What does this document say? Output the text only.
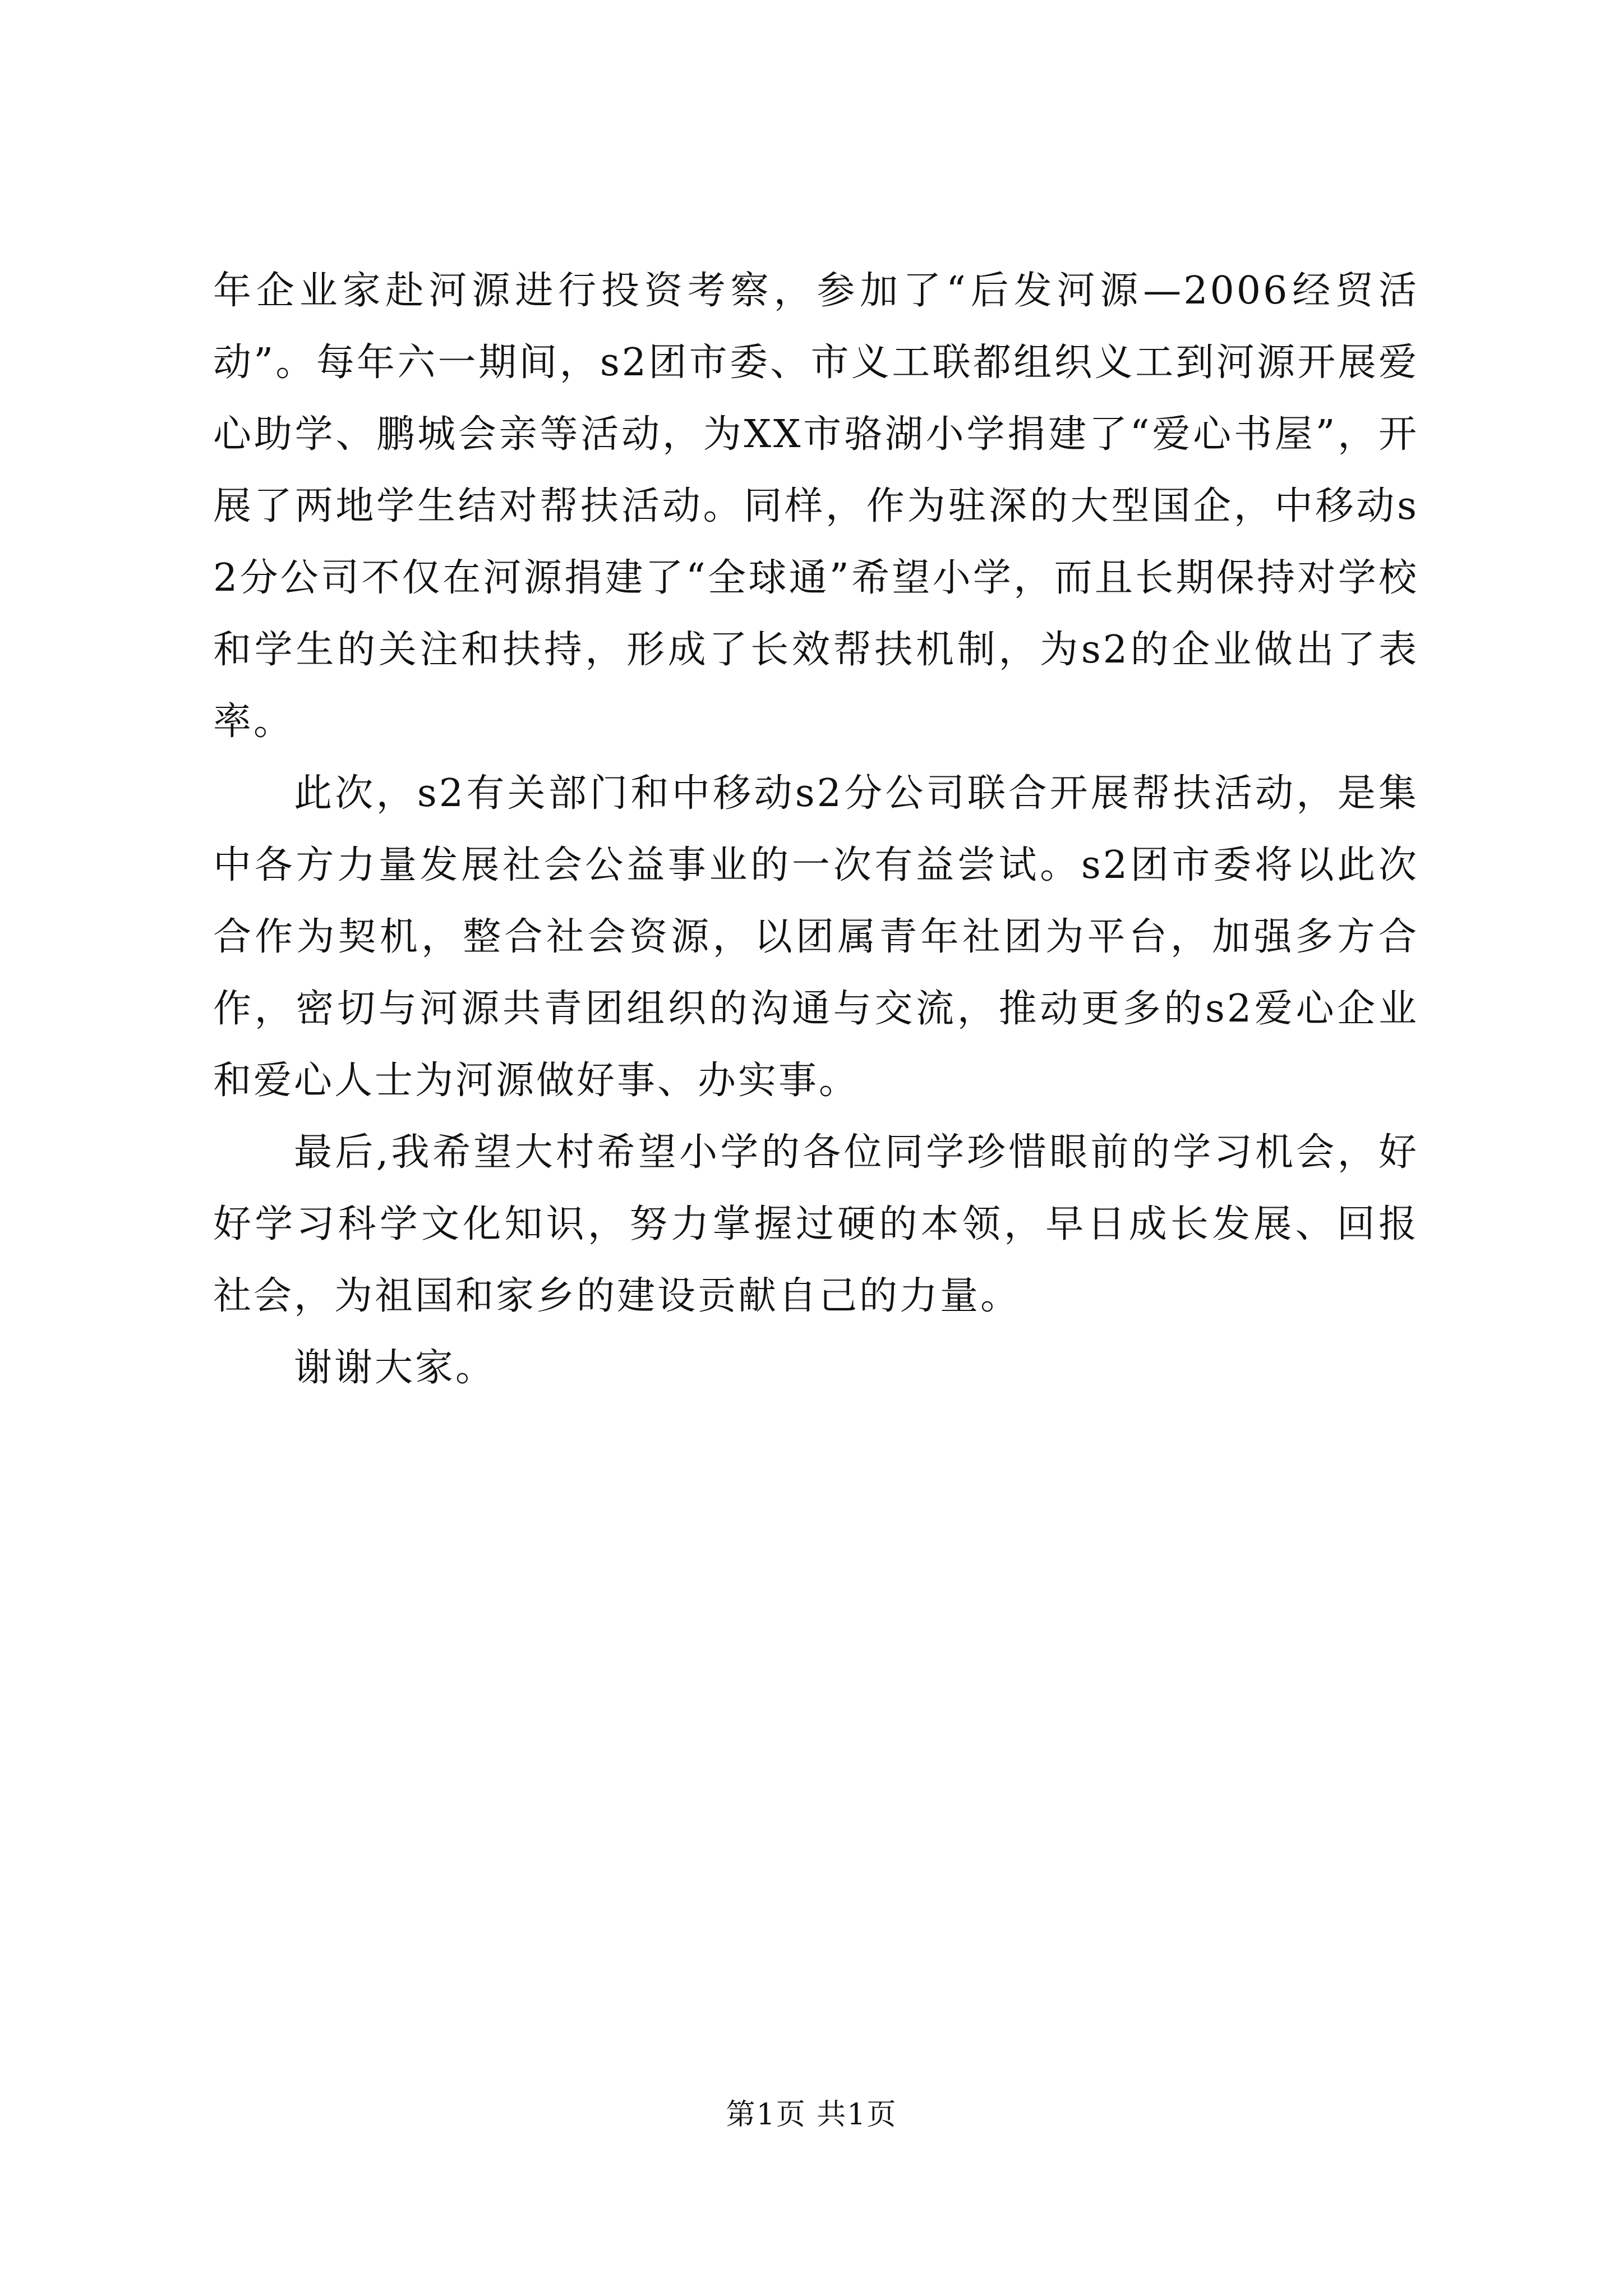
年企业家赴河源进行投资考察，参加了“后发河源—2006经贸活动”。每年六一期间，s2团市委、市义工联都组织义工到河源开展爱心助学、鹏城会亲等活动，为XX市骆湖小学捐建了“爱心书屋”，开展了两地学生结对帮扶活动。同样，作为驻深的大型国企，中移动s2分公司不仅在河源捐建了“全球通”希望小学，而且长期保持对学校和学生的关注和扶持，形成了长效帮扶机制，为s2的企业做出了表率。

此次，s2有关部门和中移动s2分公司联合开展帮扶活动，是集中各方力量发展社会公益事业的一次有益尝试。s2团市委将以此次合作为契机，整合社会资源，以团属青年社团为平台，加强多方合作，密切与河源共青团组织的沟通与交流，推动更多的s2爱心企业和爱心人士为河源做好事、办实事。

最后,我希望大村希望小学的各位同学珍惜眼前的学习机会，好好学习科学文化知识，努力掌握过硬的本领，早日成长发展、回报社会，为祖国和家乡的建设贡献自己的力量。

谢谢大家。

第1页 共1页
